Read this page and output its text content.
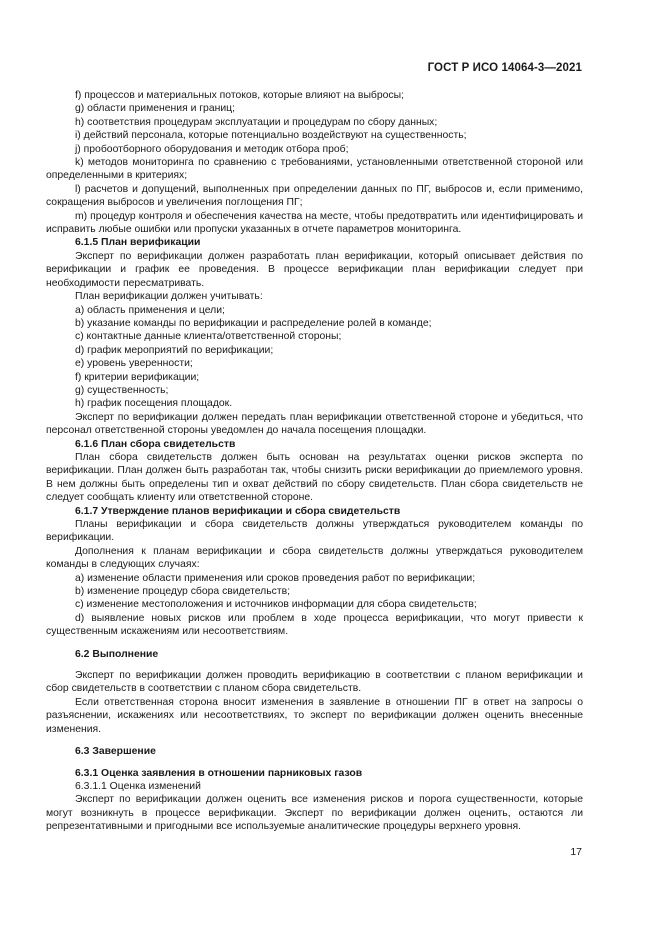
ГОСТ Р ИСО 14064-3—2021

f) процессов и материальных потоков, которые влияют на выбросы;

g) области применения и границ;

h) соответствия процедурам эксплуатации и процедурам по сбору данных;

i) действий персонала, которые потенциально воздействуют на существенность;

j) пробоотборного оборудования и методик отбора проб;

k) методов мониторинга по сравнению с требованиями, установленными ответственной стороной или определенными в критериях;

l) расчетов и допущений, выполненных при определении данных по ПГ, выбросов и, если применимо, сокращения выбросов и увеличения поглощения ПГ;

m) процедур контроля и обеспечения качества на месте, чтобы предотвратить или идентифицировать и исправить любые ошибки или пропуски указанных в отчете параметров мониторинга.

6.1.5 План верификации

Эксперт по верификации должен разработать план верификации, который описывает действия по верификации и график ее проведения. В процессе верификации план верификации следует при необходимости пересматривать.

План верификации должен учитывать:

a) область применения и цели;

b) указание команды по верификации и распределение ролей в команде;

c) контактные данные клиента/ответственной стороны;

d) график мероприятий по верификации;

e) уровень уверенности;

f) критерии верификации;

g) существенность;

h) график посещения площадок.

Эксперт по верификации должен передать план верификации ответственной стороне и убедиться, что персонал ответственной стороны уведомлен до начала посещения площадки.

6.1.6 План сбора свидетельств

План сбора свидетельств должен быть основан на результатах оценки рисков эксперта по верификации. План должен быть разработан так, чтобы снизить риски верификации до приемлемого уровня. В нем должны быть определены тип и охват действий по сбору свидетельств. План сбора свидетельств не следует сообщать клиенту или ответственной стороне.

6.1.7 Утверждение планов верификации и сбора свидетельств

Планы верификации и сбора свидетельств должны утверждаться руководителем команды по верификации.

Дополнения к планам верификации и сбора свидетельств должны утверждаться руководителем команды в следующих случаях:

a) изменение области применения или сроков проведения работ по верификации;

b) изменение процедур сбора свидетельств;

c) изменение местоположения и источников информации для сбора свидетельств;

d) выявление новых рисков или проблем в ходе процесса верификации, что могут привести к существенным искажениям или несоответствиям.

6.2 Выполнение

Эксперт по верификации должен проводить верификацию в соответствии с планом верификации и сбор свидетельств в соответствии с планом сбора свидетельств.

Если ответственная сторона вносит изменения в заявление в отношении ПГ в ответ на запросы о разъяснении, искажениях или несоответствиях, то эксперт по верификации должен оценить внесенные изменения.

6.3 Завершение

6.3.1 Оценка заявления в отношении парниковых газов

6.3.1.1 Оценка изменений

Эксперт по верификации должен оценить все изменения рисков и порога существенности, которые могут возникнуть в процессе верификации. Эксперт по верификации должен оценить, остаются ли репрезентативными и пригодными все используемые аналитические процедуры верхнего уровня.

17
